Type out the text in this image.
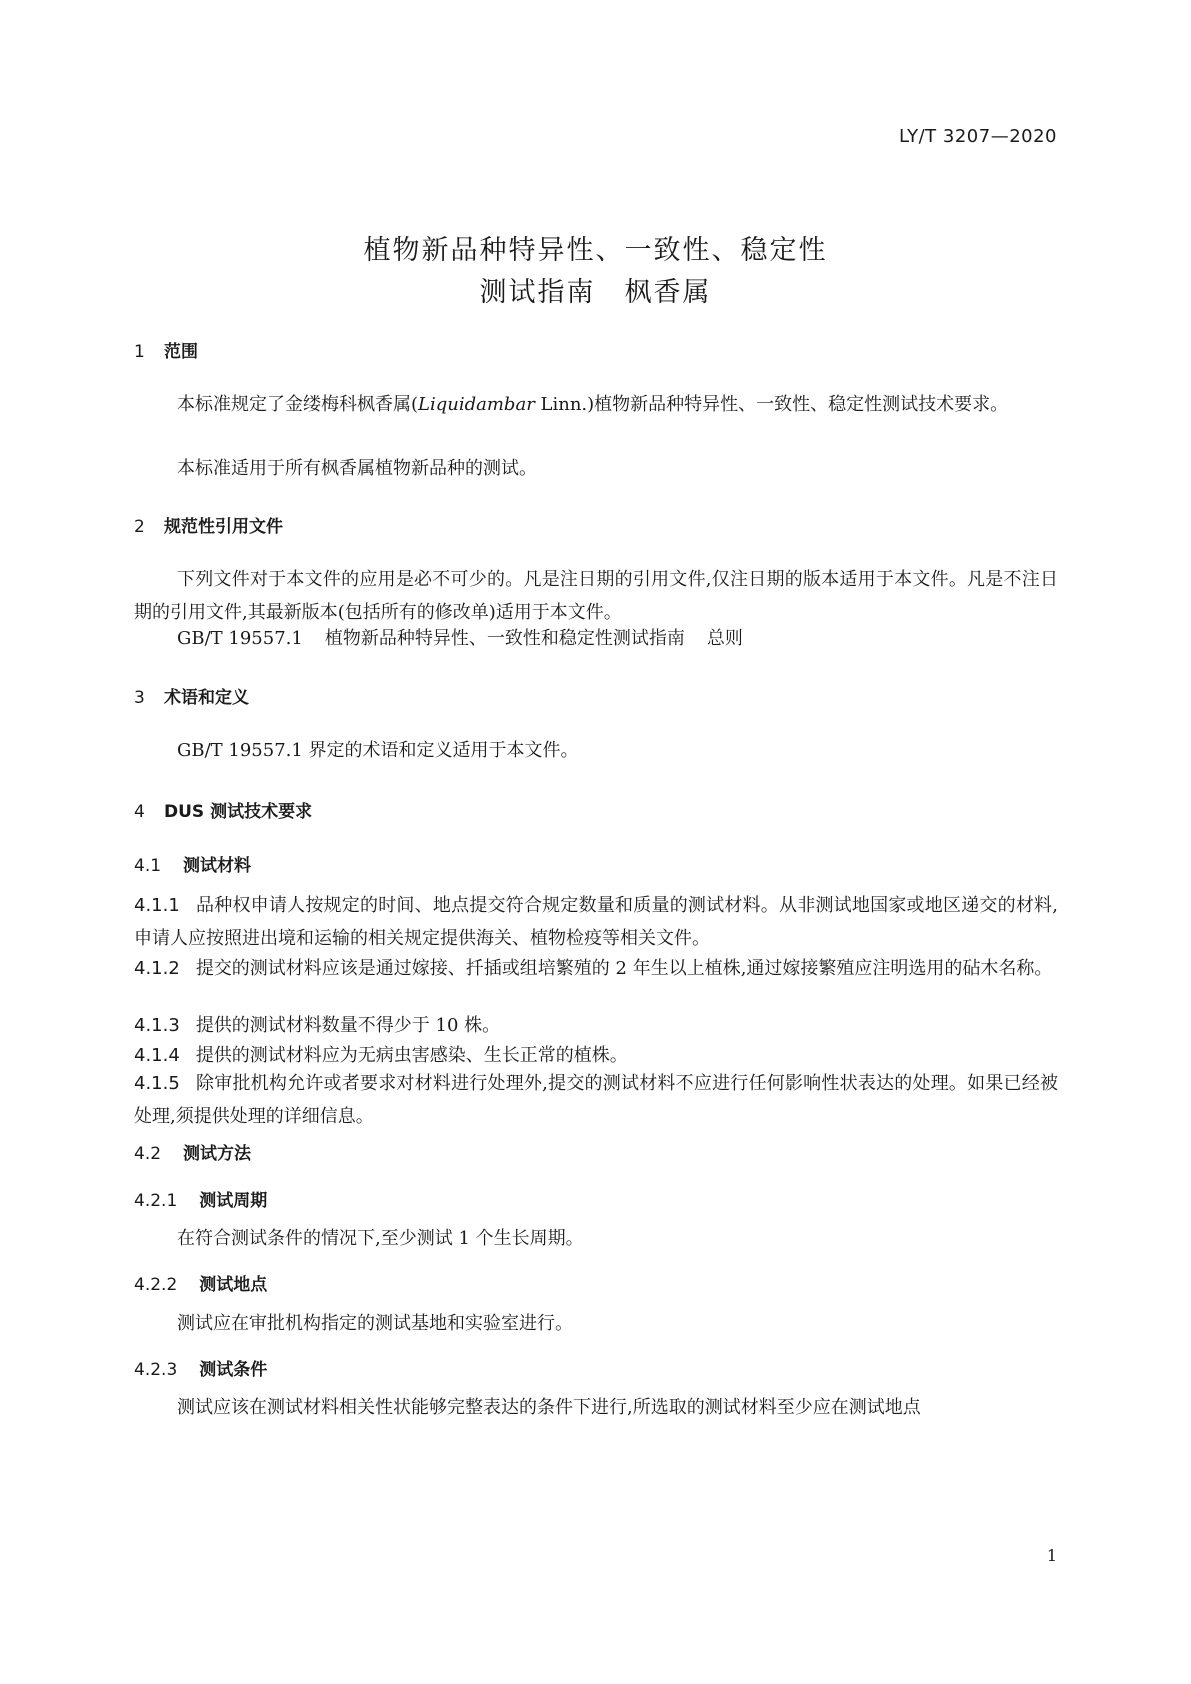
LY/T 3207—2020
植物新品种特异性、一致性、稳定性
测试指南　枫香属
1 范围
本标准规定了金缕梅科枫香属(Liquidambar Linn.)植物新品种特异性、一致性、稳定性测试技术要求。
本标准适用于所有枫香属植物新品种的测试。
2 规范性引用文件
下列文件对于本文件的应用是必不可少的。凡是注日期的引用文件,仅注日期的版本适用于本文件。凡是不注日期的引用文件,其最新版本(包括所有的修改单)适用于本文件。
GB/T 19557.1 植物新品种特异性、一致性和稳定性测试指南 总则
3 术语和定义
GB/T 19557.1 界定的术语和定义适用于本文件。
4 DUS 测试技术要求
4.1 测试材料
4.1.1 品种权申请人按规定的时间、地点提交符合规定数量和质量的测试材料。从非测试地国家或地区递交的材料,申请人应按照进出境和运输的相关规定提供海关、植物检疫等相关文件。
4.1.2 提交的测试材料应该是通过嫁接、扦插或组培繁殖的 2 年生以上植株,通过嫁接繁殖应注明选用的砧木名称。
4.1.3 提供的测试材料数量不得少于 10 株。
4.1.4 提供的测试材料应为无病虫害感染、生长正常的植株。
4.1.5 除审批机构允许或者要求对材料进行处理外,提交的测试材料不应进行任何影响性状表达的处理。如果已经被处理,须提供处理的详细信息。
4.2 测试方法
4.2.1 测试周期
在符合测试条件的情况下,至少测试 1 个生长周期。
4.2.2 测试地点
测试应在审批机构指定的测试基地和实验室进行。
4.2.3 测试条件
测试应该在测试材料相关性状能够完整表达的条件下进行,所选取的测试材料至少应在测试地点
1
